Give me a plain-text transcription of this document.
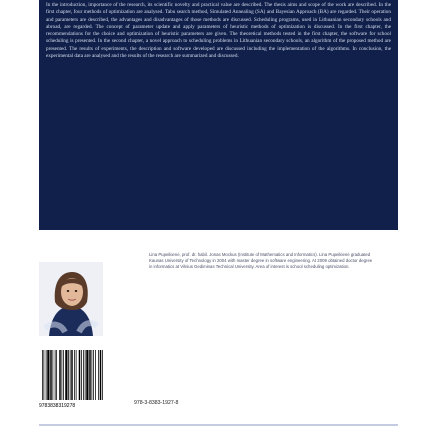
In the introduction, importance of the research, its scientific novelty and practical value are described. The thesis aims and scope of the work are described. In the first chapter, four methods of optimization are analysed. Tabu search method, Simulated Annealing (SA) and Bayesian Approach (BA) are regarded. Their operation and parameters are described, the advantages and disadvantages of those methods are discussed. Scheduling programs, used in Lithuanian secondary schools and abroad, are regarded. The concept of parameter update and apply parameters of heuristic methods of optimization is discussed. In the first chapter, the recommendations for the choice and optimization of heuristic parameters are given. The theoretical methods tested in the first chapter, the software for school scheduling is presented. In the second chapter, a novel approach to scheduling problems in Lithuanian secondary schools, an algorithm of the proposed method are presented. The results of experiments, the description and software developed are discussed including the implementation of the algorithms. In conclusion, the experimental data are analysed and the results of the research are summarized and discussed.

Lina Pupeikienė, prof. dr. habil. Jonas Mockus (Institute of Mathematics and Informatics). Lina Pupeikienė graduated Kaunas University of Technology in 2004 with master degree in software engineering. At 2009 obtained doctor degree in informatics at Vilnius Gediminas Technical University. Area of interest is school scheduling optimization.

9783838319278	978-3-8383-1927-8
